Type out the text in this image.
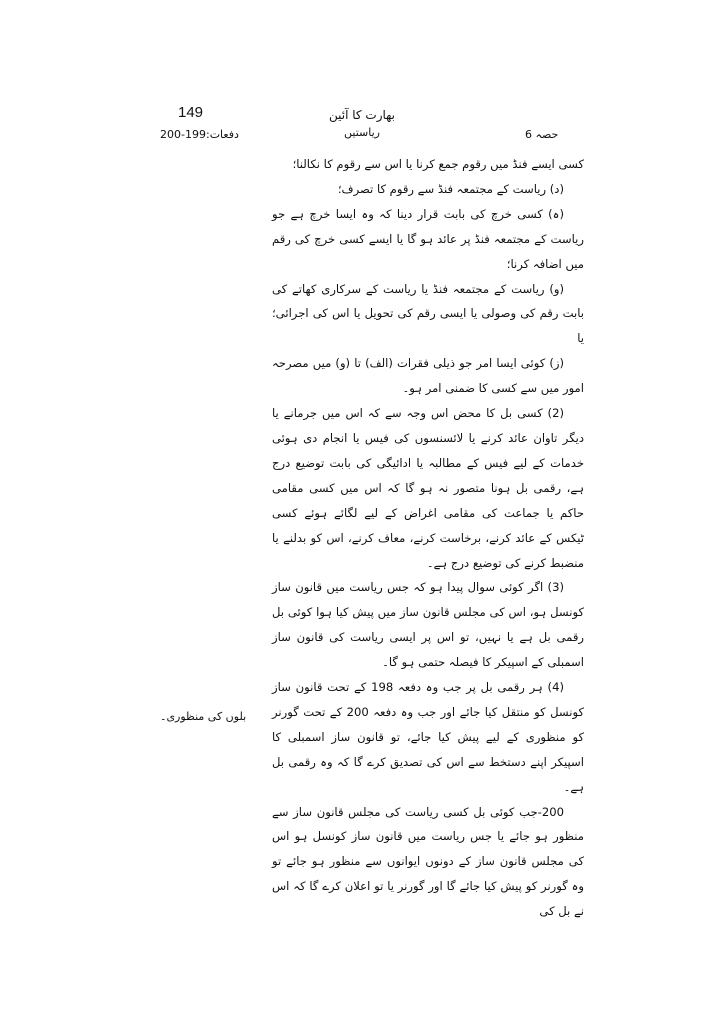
149	بھارت کا آئین
ریاستیں
دفعات:199-200	حصہ 6

کسی ایسے فنڈ میں رقوم جمع کرنا یا اس سے رقوم کا نکالنا؛

(د) ریاست کے مجتمعہ فنڈ سے رقوم کا تصرف؛

(ہ) کسی خرچ کی بابت قرار دینا کہ وہ ایسا خرچ ہے جو ریاست کے مجتمعہ فنڈ پر عائد ہو گا یا ایسے کسی خرچ کی رقم میں اضافہ کرنا؛

(و) ریاست کے مجتمعہ فنڈ یا ریاست کے سرکاری کھاتے کی بابت رقم کی وصولی یا ایسی رقم کی تحویل یا اس کی اجرائی؛ یا

(ز) کوئی ایسا امر جو ذیلی فقرات (الف) تا (و) میں مصرحہ امور میں سے کسی کا ضمنی امر ہو۔

(2) کسی بل کا محض اس وجہ سے کہ اس میں جرمانے یا دیگر تاوان عائد کرنے یا لائسنسوں کی فیس یا انجام دی ہوئی خدمات کے لیے فیس کے مطالبہ یا ادائیگی کی بابت توضیع درج ہے، رقمی بل ہونا متصور نہ ہو گا کہ اس میں کسی مقامی حاکم یا جماعت کی مقامی اغراض کے لیے لگائے ہوئے کسی ٹیکس کے عائد کرنے، برخاست کرنے، معاف کرنے، اس کو بدلنے یا منضبط کرنے کی توضیع درج ہے۔

(3) اگر کوئی سوال پیدا ہو کہ جس ریاست میں قانون ساز کونسل ہو، اس کی مجلس قانون ساز میں پیش کیا ہوا کوئی بل رقمی بل ہے یا نہیں، تو اس پر ایسی ریاست کی قانون ساز اسمبلی کے اسپیکر کا فیصلہ حتمی ہو گا۔

(4) ہر رقمی بل پر جب وہ دفعہ 198 کے تحت قانون ساز کونسل کو منتقل کیا جائے اور جب وہ دفعہ 200 کے تحت گورنر کو منظوری کے لیے پیش کیا جائے، تو قانون ساز اسمبلی کا اسپیکر اپنے دستخط سے اس کی تصدیق کرے گا کہ وہ رقمی بل ہے۔

200-جب کوئی بل کسی ریاست کی مجلس قانون ساز سے منظور ہو جائے یا جس ریاست میں قانون ساز کونسل ہو اس کی مجلس قانون ساز کے دونوں ایوانوں سے منظور ہو جائے تو وہ گورنر کو پیش کیا جائے گا اور گورنر یا تو اعلان کرے گا کہ اس نے بل کی

بلوں کی منظوری۔
